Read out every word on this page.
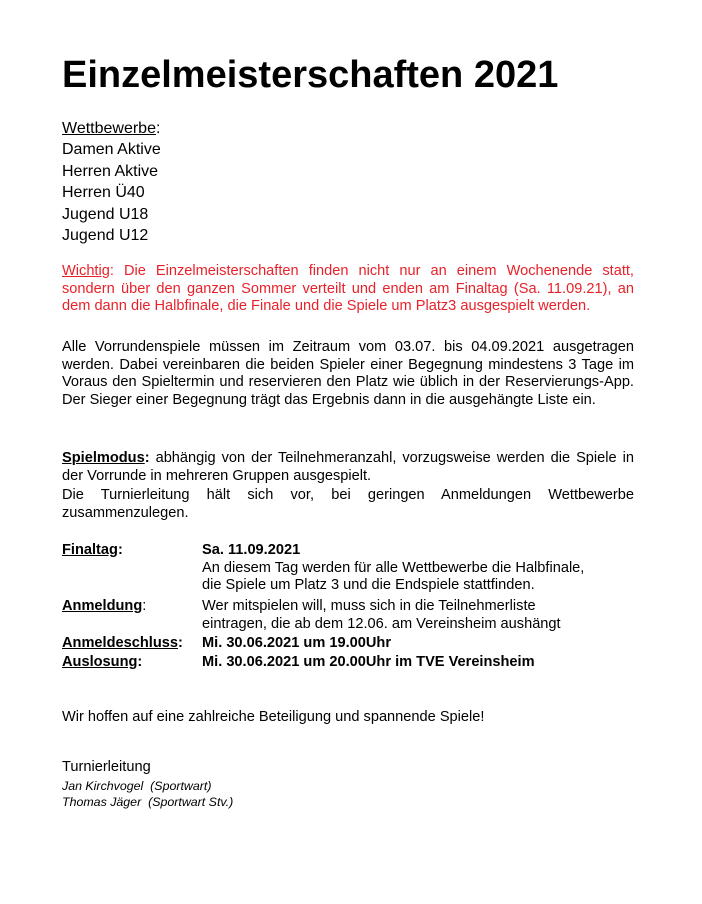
Einzelmeisterschaften 2021
Wettbewerbe:
Damen Aktive
Herren Aktive
Herren Ü40
Jugend U18
Jugend U12
Wichtig: Die Einzelmeisterschaften finden nicht nur an einem Wochenende statt, sondern über den ganzen Sommer verteilt und enden am Finaltag (Sa. 11.09.21), an dem dann die Halbfinale, die Finale und die Spiele um Platz3 ausgespielt werden.
Alle Vorrundenspiele müssen im Zeitraum vom 03.07. bis 04.09.2021 ausgetragen werden. Dabei vereinbaren die beiden Spieler einer Begegnung mindestens 3 Tage im Voraus den Spieltermin und reservieren den Platz wie üblich in der Reservierungs-App. Der Sieger einer Begegnung trägt das Ergebnis dann in die ausgehängte Liste ein.
Spielmodus: abhängig von der Teilnehmeranzahl, vorzugsweise werden die Spiele in der Vorrunde in mehreren Gruppen ausgespielt.
Die Turnierleitung hält sich vor, bei geringen Anmeldungen Wettbewerbe zusammenzulegen.
Finaltag:	Sa. 11.09.2021
An diesem Tag werden für alle Wettbewerbe die Halbfinale,
die Spiele um Platz 3 und die Endspiele stattfinden.
Anmeldung:	Wer mitspielen will, muss sich in die Teilnehmerliste
eintragen, die ab dem 12.06. am Vereinsheim aushängt
Anmeldeschluss: Mi. 30.06.2021 um 19.00Uhr
Auslosung:	Mi. 30.06.2021 um 20.00Uhr im TVE Vereinsheim
Wir hoffen auf eine zahlreiche Beteiligung und spannende Spiele!
Turnierleitung
Jan Kirchvogel (Sportwart)
Thomas Jäger (Sportwart Stv.)
